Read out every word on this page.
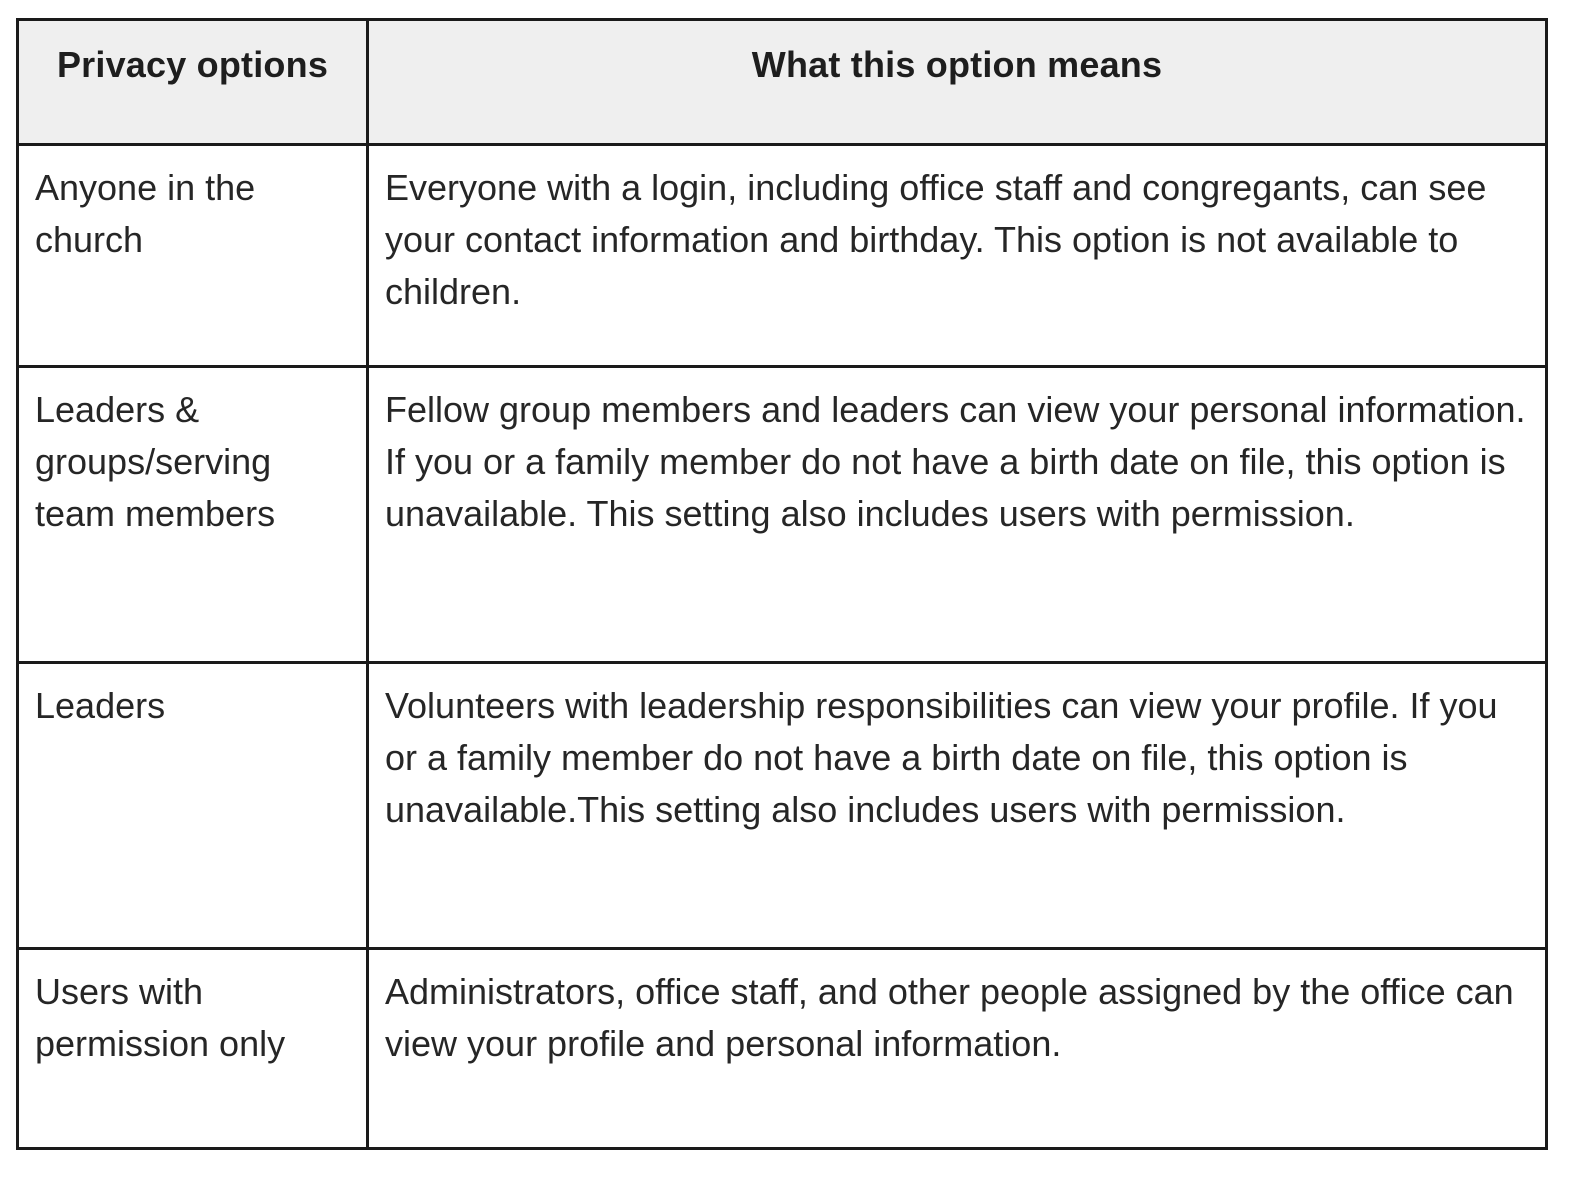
Privacy options	What this option means
Anyone in the church	Everyone with a login, including office staff and congregants, can see your contact information and birthday. This option is not available to children.
Leaders & groups/serving team members	Fellow group members and leaders can view your personal information. If you or a family member do not have a birth date on file, this option is unavailable. This setting also includes users with permission.
Leaders	Volunteers with leadership responsibilities can view your profile. If you or a family member do not have a birth date on file, this option is unavailable.This setting also includes users with permission.
Users with permission only	Administrators, office staff, and other people assigned by the office can view your profile and personal information.
